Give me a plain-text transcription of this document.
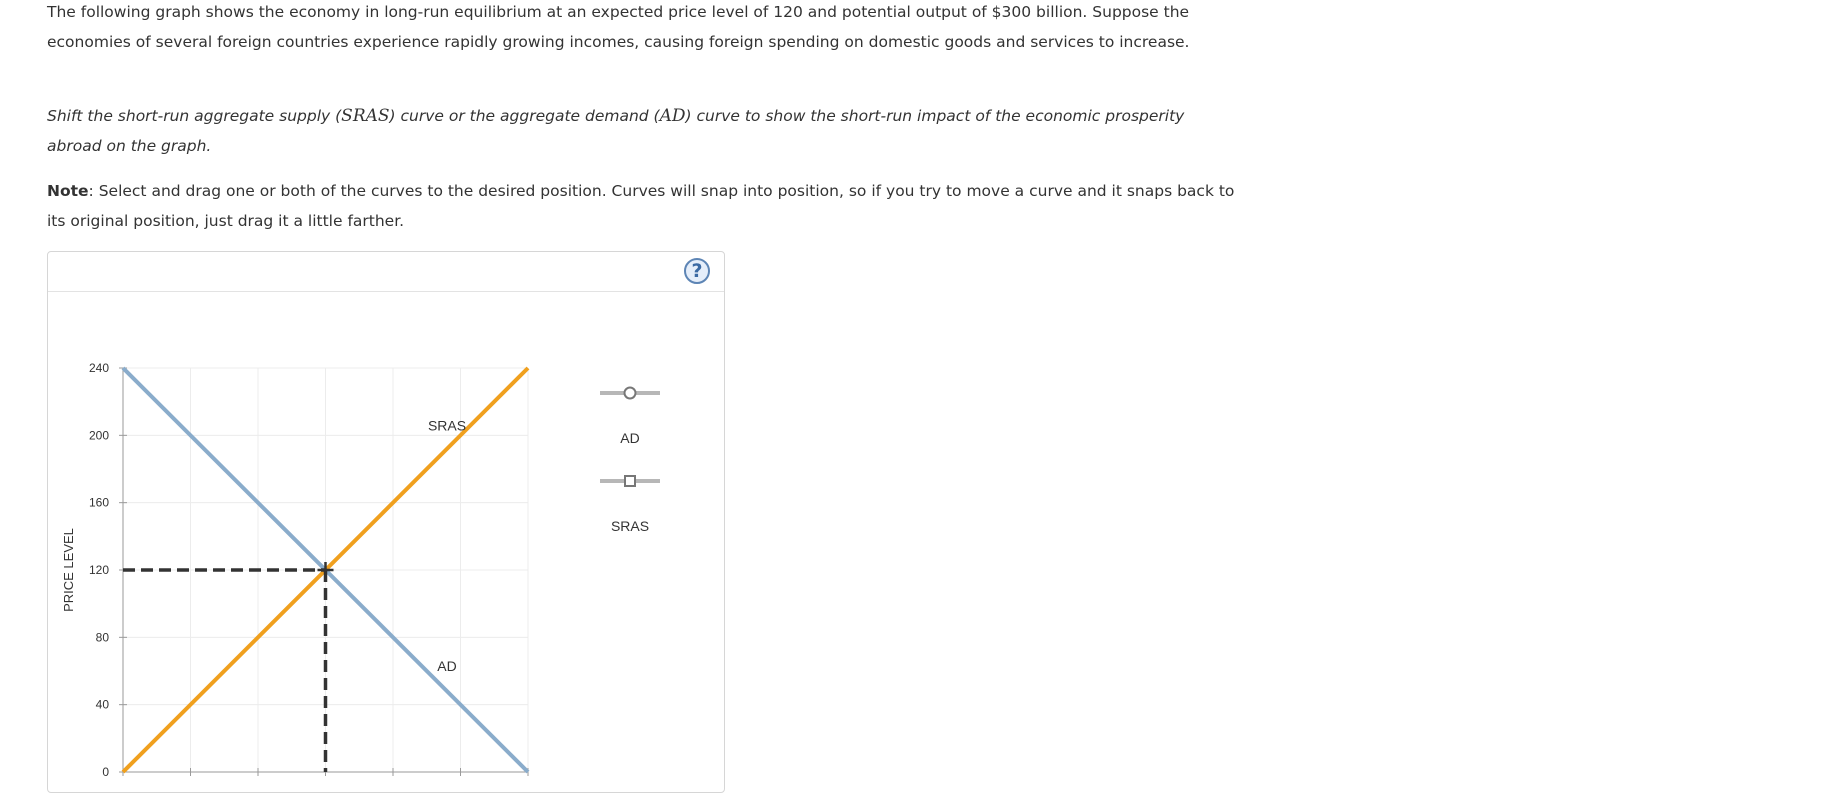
The following graph shows the economy in long-run equilibrium at an expected price level of 120 and potential output of $300 billion. Suppose the economies of several foreign countries experience rapidly growing incomes, causing foreign spending on domestic goods and services to increase.

Shift the short-run aggregate supply (SRAS) curve or the aggregate demand (AD) curve to show the short-run impact of the economic prosperity abroad on the graph.

Note: Select and drag one or both of the curves to the desired position. Curves will snap into position, so if you try to move a curve and it snaps back to its original position, just drag it a little farther.

?
0
40
80
120
160
200
240
PRICE LEVEL
AD
SRAS
AD
SRAS
